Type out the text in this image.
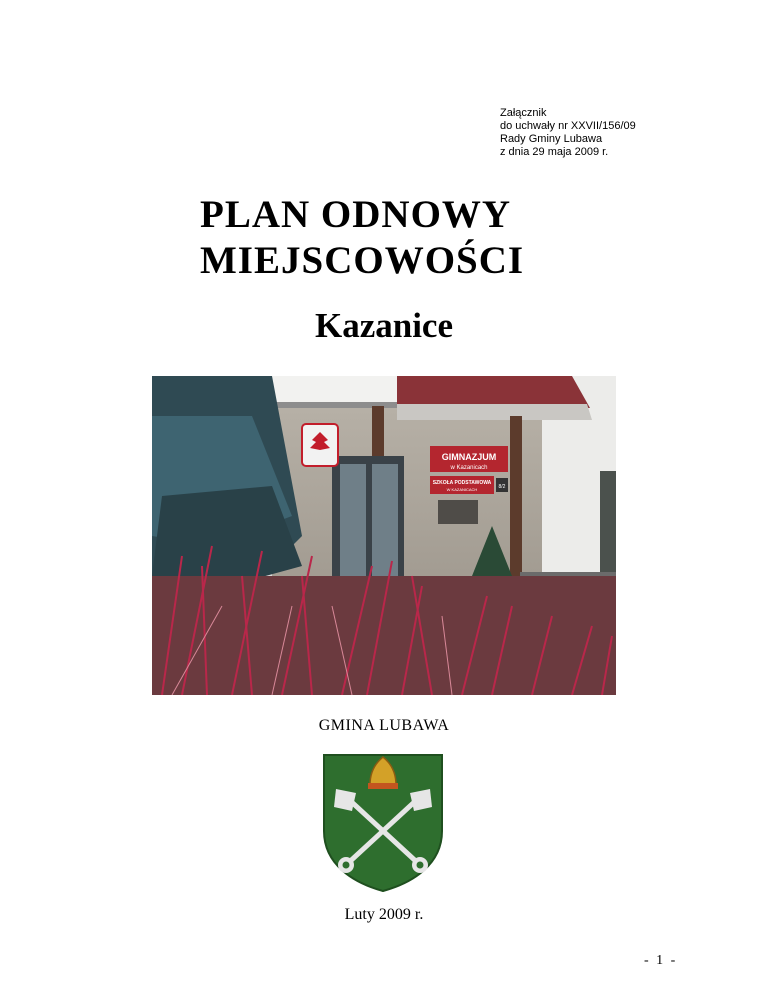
Załącznik
do uchwały nr XXVII/156/09
Rady Gminy Lubawa
z dnia 29 maja 2009 r.
PLAN ODNOWY
MIEJSCOWOŚCI
Kazanice
GIMNAZJUM
w Kazanicach
SZKOŁA PODSTAWOWA
W KAZANICACH	8/2
GMINA LUBAWA
Luty 2009 r.
- 1 -
